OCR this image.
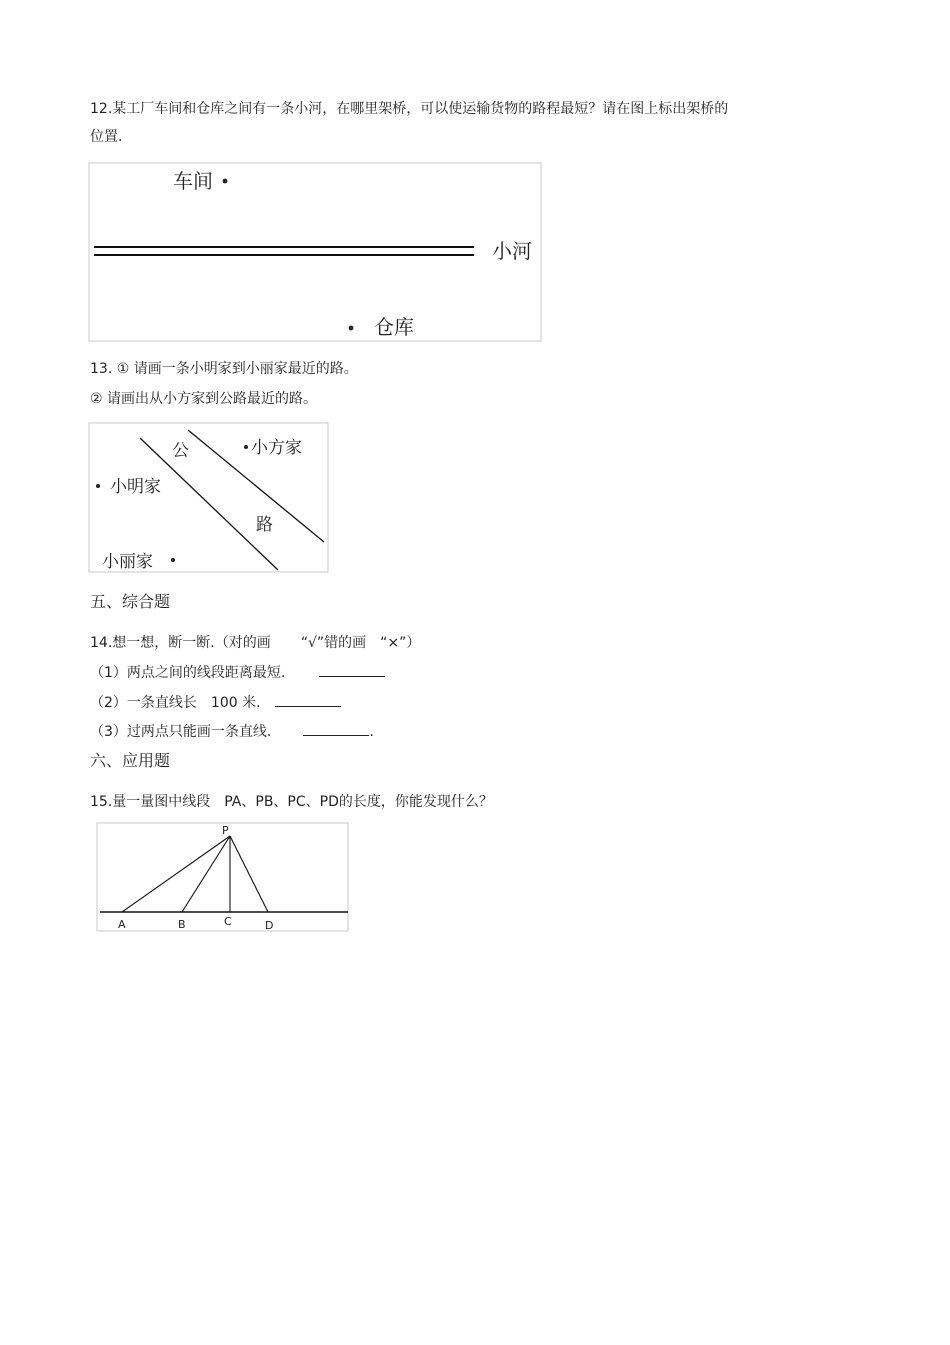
12.某工厂车间和仓库之间有一条小河，在哪里架桥，可以使运输货物的路程最短？请在图上标出架桥的
位置.
车间
小河
仓库
13. ① 请画一条小明家到小丽家最近的路。
② 请画出从小方家到公路最近的路。
公
路
小方家
小明家
小丽家
五、综合题
14.想一想，断一断.（对的画 “√”错的画 “×”）
（1）两点之间的线段距离最短.
（2）一条直线长　100 米.
（3）过两点只能画一条直线.	.
六、应用题
15.量一量图中线段　PA、PB、PC、PD的长度，你能发现什么？
P
A	B	C	D
